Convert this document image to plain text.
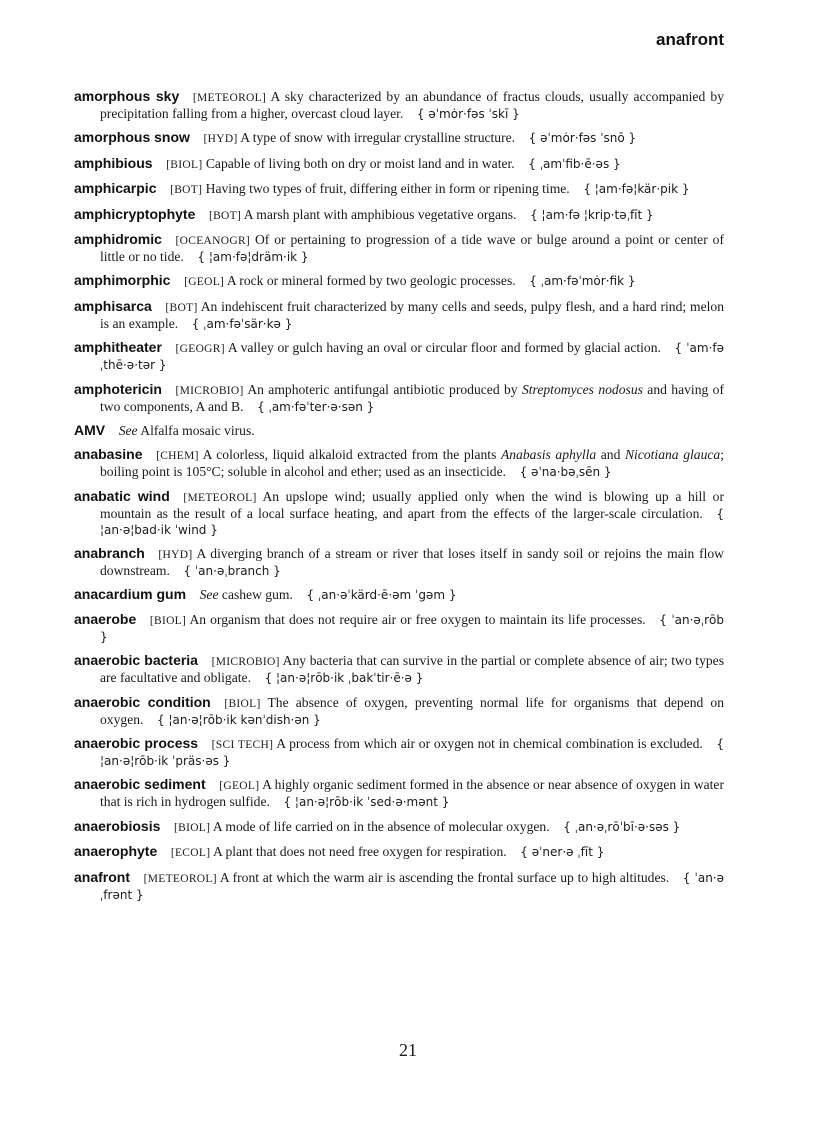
anafront

amorphous sky  [METEOROL] A sky characterized by an abundance of fractus clouds, usually accompanied by precipitation falling from a higher, overcast cloud layer.  { əˈmȯr·fəs ˈskī }

amorphous snow  [HYD] A type of snow with irregular crystalline structure.  { əˈmȯr·fəs ˈsnō }

amphibious  [BIOL] Capable of living both on dry or moist land and in water.  { ˌamˈfib·ē·əs }

amphicarpic  [BOT] Having two types of fruit, differing either in form or ripening time.  { ¦am·fə¦kär·pik }

amphicryptophyte  [BOT] A marsh plant with amphibious vegetative organs.  { ¦am·fə ¦krip·təˌfīt }

amphidromic  [OCEANOGR] Of or pertaining to progression of a tide wave or bulge around a point or center of little or no tide.  { ¦am·fə¦dräm·ik }

amphimorphic  [GEOL] A rock or mineral formed by two geologic processes.  { ˌam·fəˈmȯr·fik }

amphisarca  [BOT] An indehiscent fruit characterized by many cells and seeds, pulpy flesh, and a hard rind; melon is an example.  { ˌam·fəˈsär·kə }

amphitheater  [GEOGR] A valley or gulch having an oval or circular floor and formed by glacial action.  { ˈam·fəˌthē·ə·tər }

amphotericin  [MICROBIO] An amphoteric antifungal antibiotic produced by Streptomyces nodosus and having of two components, A and B.  { ˌam·fəˈter·ə·sən }

AMV  See Alfalfa mosaic virus.

anabasine  [CHEM] A colorless, liquid alkaloid extracted from the plants Anabasis aphylla and Nicotiana glauca; boiling point is 105°C; soluble in alcohol and ether; used as an insecticide.  { əˈna·bəˌsēn }

anabatic wind  [METEOROL] An upslope wind; usually applied only when the wind is blowing up a hill or mountain as the result of a local surface heating, and apart from the effects of the larger-scale circulation.  { ¦an·ə¦bad·ik ˈwind }

anabranch  [HYD] A diverging branch of a stream or river that loses itself in sandy soil or rejoins the main flow downstream.  { ˈan·əˌbranch }

anacardium gum  See cashew gum.  { ˌan·əˈkärd·ē·əm ˈgəm }

anaerobe  [BIOL] An organism that does not require air or free oxygen to maintain its life processes.  { ˈan·əˌrōb }

anaerobic bacteria  [MICROBIO] Any bacteria that can survive in the partial or complete absence of air; two types are facultative and obligate.  { ¦an·ə¦rōb·ik ˌbakˈtir·ē·ə }

anaerobic condition  [BIOL] The absence of oxygen, preventing normal life for organisms that depend on oxygen.  { ¦an·ə¦rōb·ik kənˈdish·ən }

anaerobic process  [SCI TECH] A process from which air or oxygen not in chemical combination is excluded.  { ¦an·ə¦rōb·ik ˈpräs·əs }

anaerobic sediment  [GEOL] A highly organic sediment formed in the absence or near absence of oxygen in water that is rich in hydrogen sulfide.  { ¦an·ə¦rōb·ik ˈsed·ə·mənt }

anaerobiosis  [BIOL] A mode of life carried on in the absence of molecular oxygen.  { ˌan·əˌrōˈbī·ə·səs }

anaerophyte  [ECOL] A plant that does not need free oxygen for respiration.  { əˈner·ə ˌfīt }

anafront  [METEOROL] A front at which the warm air is ascending the frontal surface up to high altitudes.  { ˈan·əˌfrənt }

21
